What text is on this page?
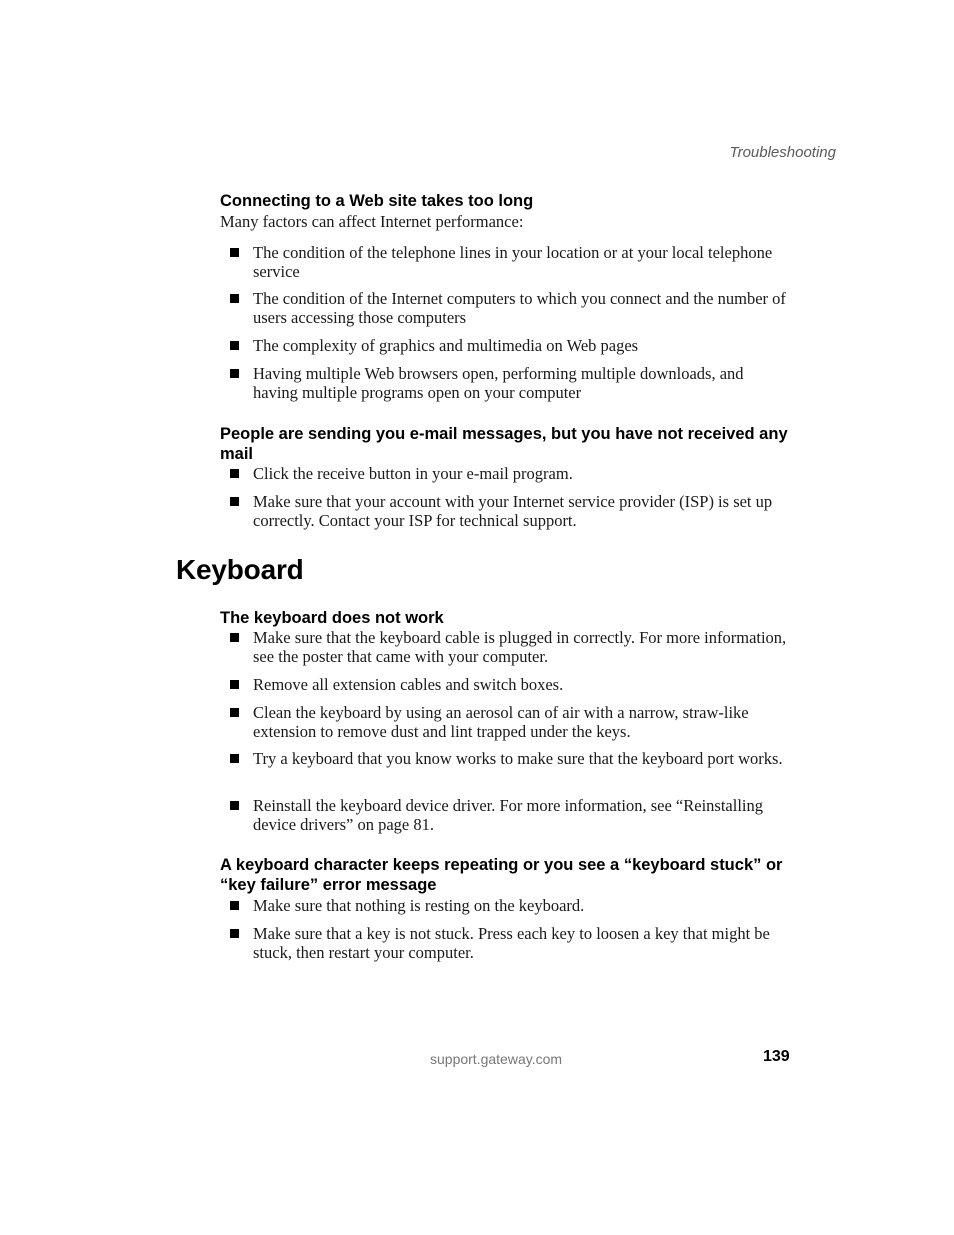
Troubleshooting
Connecting to a Web site takes too long
Many factors can affect Internet performance:
The condition of the telephone lines in your location or at your local telephone service
The condition of the Internet computers to which you connect and the number of users accessing those computers
The complexity of graphics and multimedia on Web pages
Having multiple Web browsers open, performing multiple downloads, and having multiple programs open on your computer
People are sending you e-mail messages, but you have not received any mail
Click the receive button in your e-mail program.
Make sure that your account with your Internet service provider (ISP) is set up correctly. Contact your ISP for technical support.
Keyboard
The keyboard does not work
Make sure that the keyboard cable is plugged in correctly. For more information, see the poster that came with your computer.
Remove all extension cables and switch boxes.
Clean the keyboard by using an aerosol can of air with a narrow, straw-like extension to remove dust and lint trapped under the keys.
Try a keyboard that you know works to make sure that the keyboard port works.
Reinstall the keyboard device driver. For more information, see “Reinstalling device drivers” on page 81.
A keyboard character keeps repeating or you see a “keyboard stuck” or “key failure” error message
Make sure that nothing is resting on the keyboard.
Make sure that a key is not stuck. Press each key to loosen a key that might be stuck, then restart your computer.
support.gateway.com	139
